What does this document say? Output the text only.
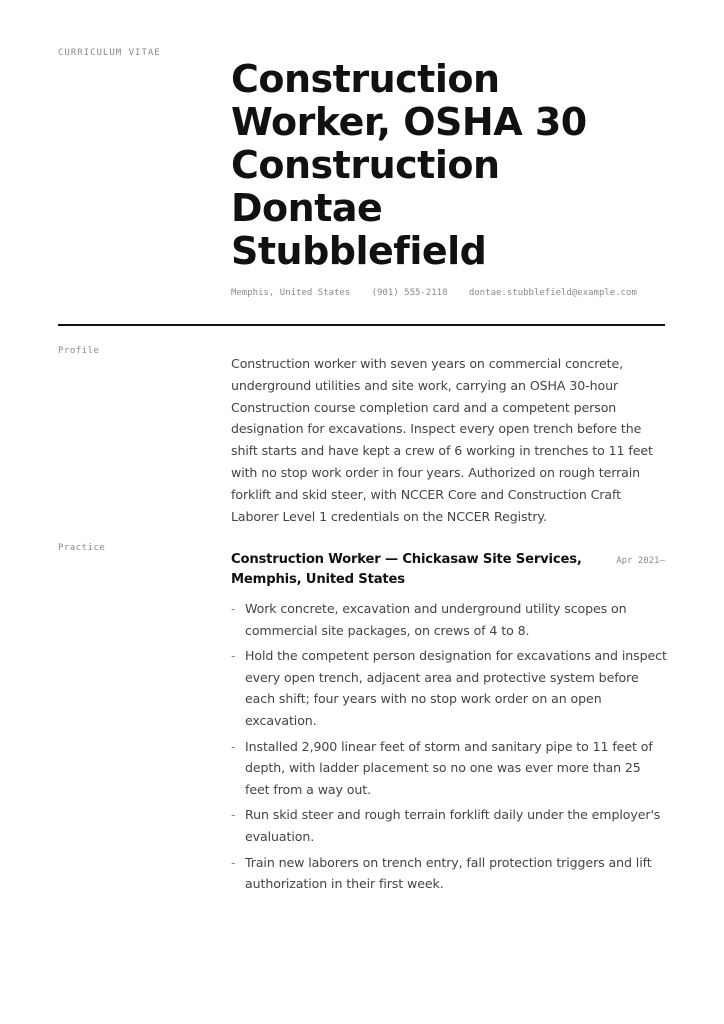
CURRICULUM VITAE
Construction
Worker, OSHA 30
Construction
Dontae
Stubblefield
Memphis, United States (901) 555-2118 dontae.stubblefield@example.com
Profile

Construction worker with seven years on commercial concrete, underground utilities and site work, carrying an OSHA 30-hour Construction course completion card and a competent person designation for excavations. Inspect every open trench before the shift starts and have kept a crew of 6 working in trenches to 11 feet with no stop work order in four years. Authorized on rough terrain forklift and skid steer, with NCCER Core and Construction Craft Laborer Level 1 credentials on the NCCER Registry.

Practice
Construction Worker — Chickasaw Site Services, Memphis, United States
Apr 2021–
- Work concrete, excavation and underground utility scopes on commercial site packages, on crews of 4 to 8.
- Hold the competent person designation for excavations and inspect every open trench, adjacent area and protective system before each shift; four years with no stop work order on an open excavation.
- Installed 2,900 linear feet of storm and sanitary pipe to 11 feet of depth, with ladder placement so no one was ever more than 25 feet from a way out.
- Run skid steer and rough terrain forklift daily under the employer's evaluation.
- Train new laborers on trench entry, fall protection triggers and lift authorization in their first week.
